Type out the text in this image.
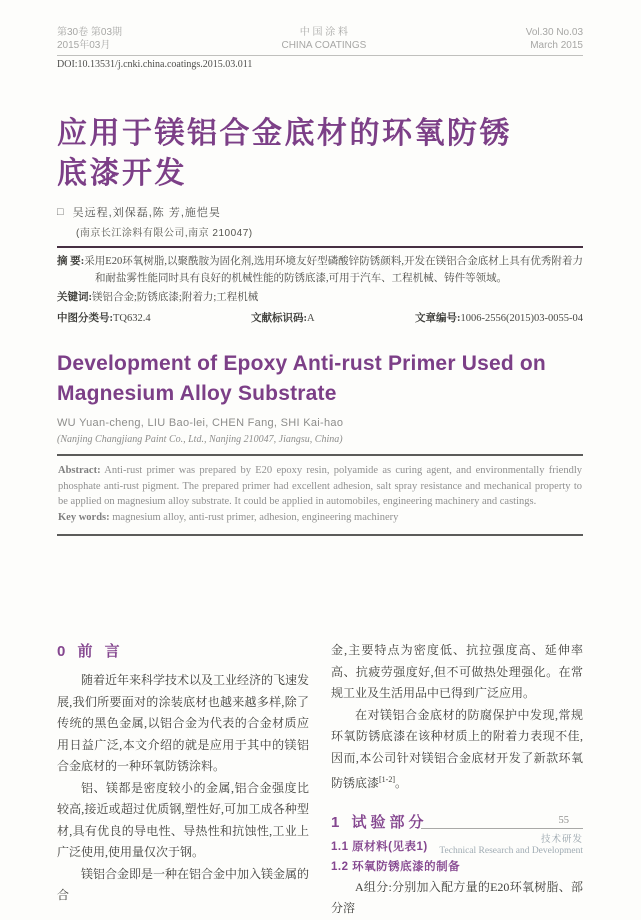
第30卷 第03期
2015年03月
中 国 涂 料
CHINA COATINGS
Vol.30 No.03
March 2015
DOI:10.13531/j.cnki.china.coatings.2015.03.011
应用于镁铝合金底材的环氧防锈底漆开发
□ 吴远程,刘保磊,陈 芳,施恺昊
(南京长江涂料有限公司,南京 210047)
摘 要:采用E20环氧树脂,以聚酰胺为固化剂,选用环境友好型磷酸锌防锈颜料,开发在镁铝合金底材上具有优秀附着力和耐盐雾性能同时具有良好的机械性能的防锈底漆,可用于汽车、工程机械、铸件等领域。
关键词:镁铝合金;防锈底漆;附着力;工程机械
中图分类号:TQ632.4	文献标识码:A	文章编号:1006-2556(2015)03-0055-04
Development of Epoxy Anti-rust Primer Used on Magnesium Alloy Substrate
WU Yuan-cheng, LIU Bao-lei, CHEN Fang, SHI Kai-hao
(Nanjing Changjiang Paint Co., Ltd., Nanjing 210047, Jiangsu, China)
Abstract: Anti-rust primer was prepared by E20 epoxy resin, polyamide as curing agent, and environmentally friendly phosphate anti-rust pigment. The prepared primer had excellent adhesion, salt spray resistance and mechanical property to be applied on magnesium alloy substrate. It could be applied in automobiles, engineering machinery and castings.
Key words: magnesium alloy, anti-rust primer, adhesion, engineering machinery
0 前 言

随着近年来科学技术以及工业经济的飞速发展,我们所要面对的涂装底材也越来越多样,除了传统的黑色金属,以铝合金为代表的合金材质应用日益广泛,本文介绍的就是应用于其中的镁铝合金底材的一种环氧防锈涂料。

铝、镁都是密度较小的金属,铝合金强度比较高,接近或超过优质钢,塑性好,可加工成各种型材,具有优良的导电性、导热性和抗蚀性,工业上广泛使用,使用量仅次于钢。

镁铝合金即是一种在铝合金中加入镁金属的合

金,主要特点为密度低、抗拉强度高、延伸率高、抗疲劳强度好,但不可做热处理强化。在常规工业及生活用品中已得到广泛应用。

在对镁铝合金底材的防腐保护中发现,常规环氧防锈底漆在该种材质上的附着力表现不佳,因而,本公司针对镁铝合金底材开发了新款环氧防锈底漆[1-2]。

1 试验部分
1.1 原材料(见表1)
1.2 环氧防锈底漆的制备

A组分:分别加入配方量的E20环氧树脂、部分溶

55
技术研发
Technical Research and Development
